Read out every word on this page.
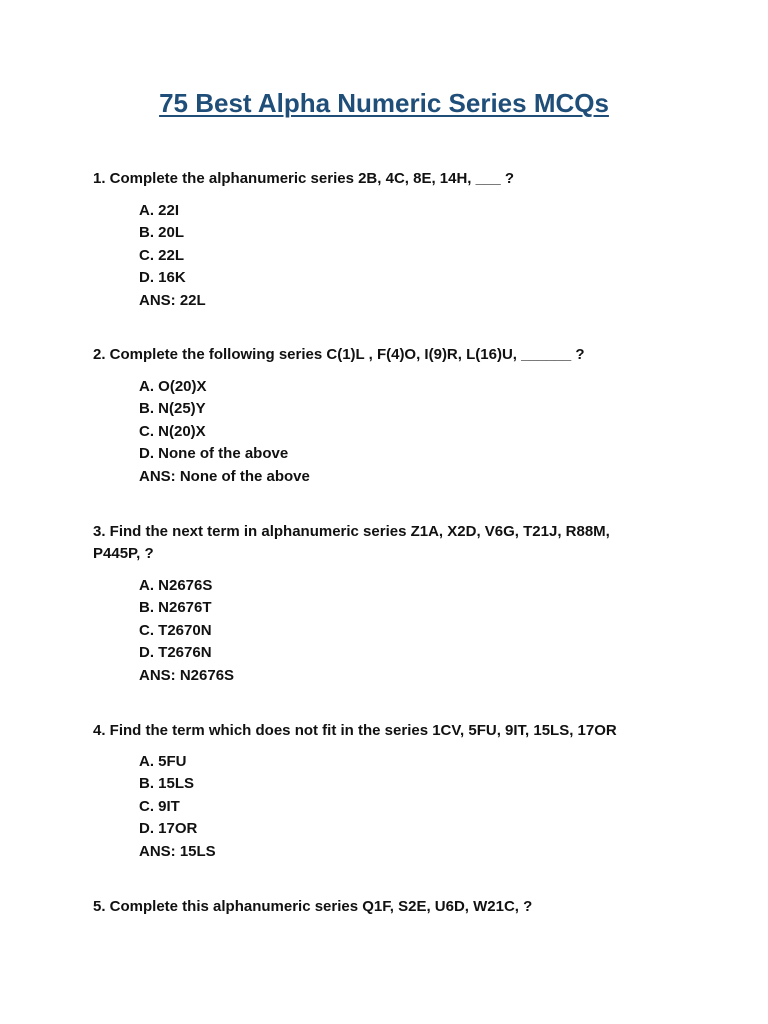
75 Best Alpha Numeric Series MCQs
1. Complete the alphanumeric series 2B, 4C, 8E, 14H, ___ ?
A. 22I
B. 20L
C. 22L
D. 16K
ANS: 22L
2. Complete the following series C(1)L , F(4)O, I(9)R, L(16)U, ______ ?
A. O(20)X
B. N(25)Y
C. N(20)X
D. None of the above
ANS: None of the above
3. Find the next term in alphanumeric series Z1A, X2D, V6G, T21J, R88M, P445P, ?
A. N2676S
B. N2676T
C. T2670N
D. T2676N
ANS: N2676S
4. Find the term which does not fit in the series 1CV, 5FU, 9IT, 15LS, 17OR
A. 5FU
B. 15LS
C. 9IT
D. 17OR
ANS: 15LS
5. Complete this alphanumeric series Q1F, S2E, U6D, W21C, ?
